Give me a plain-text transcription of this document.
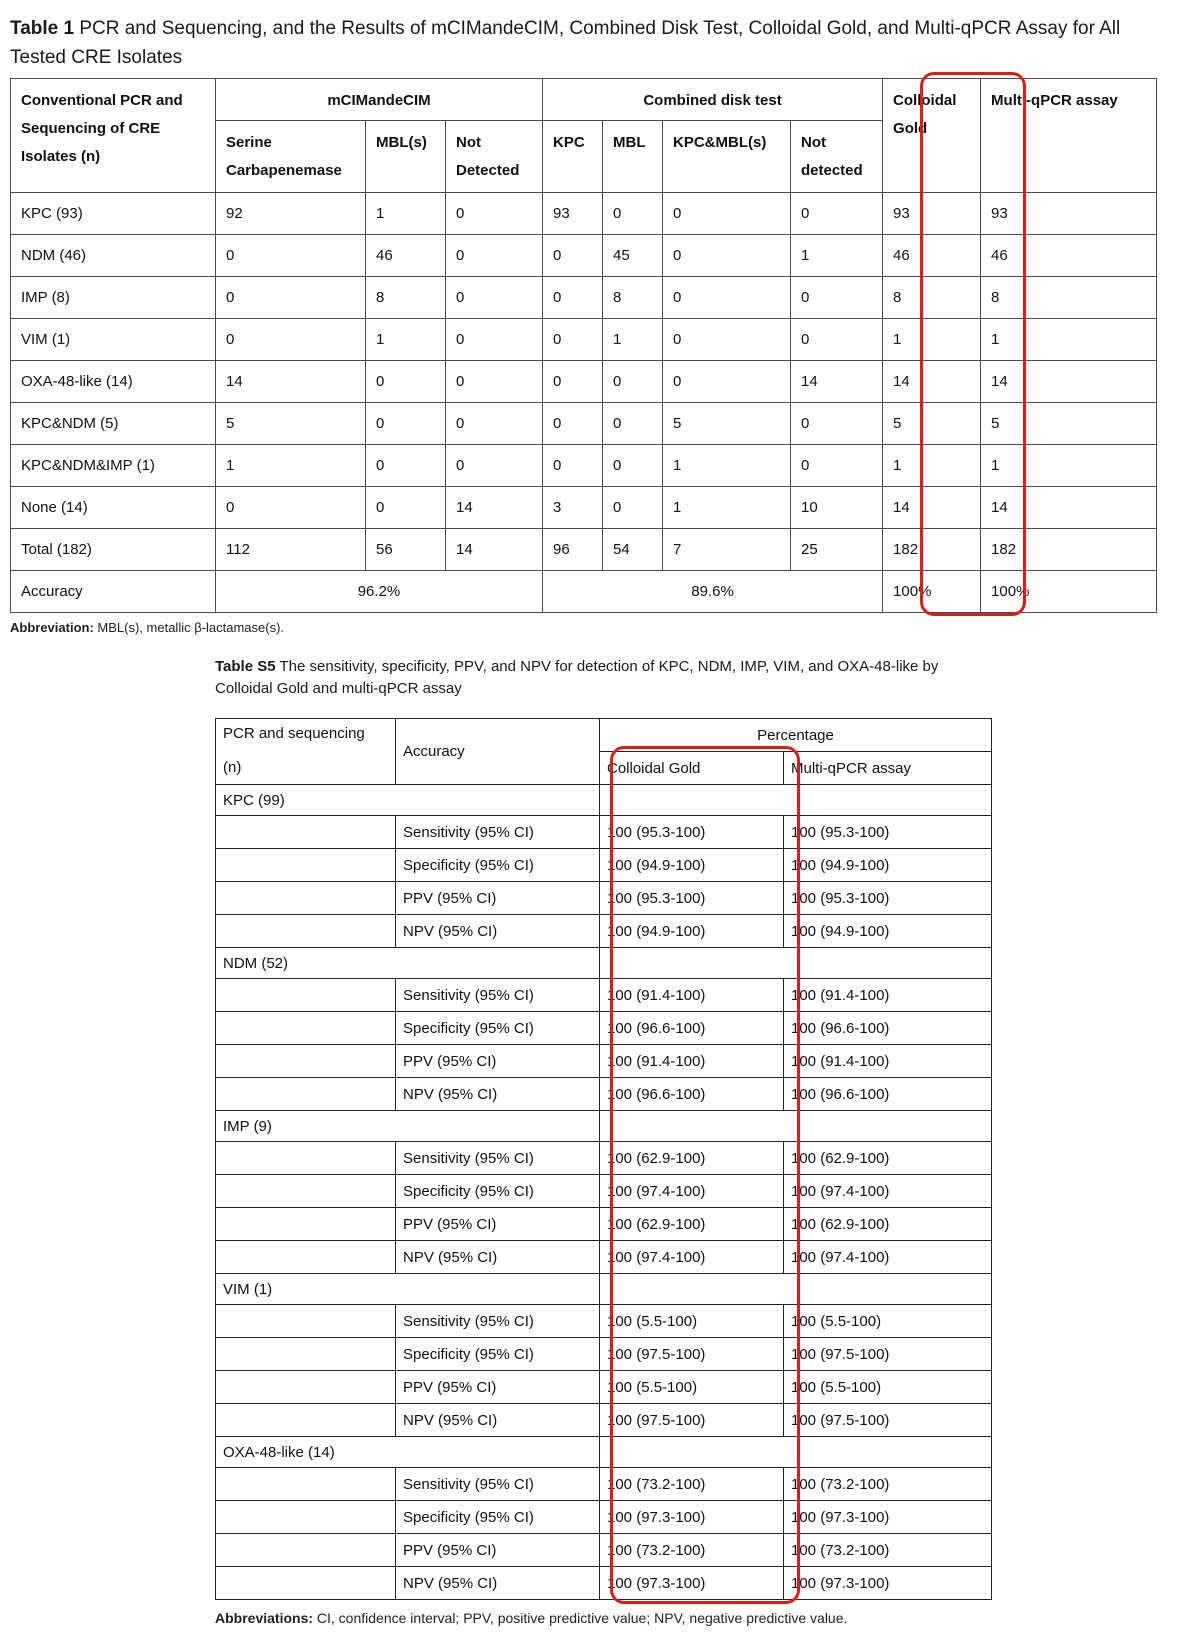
Table 1 PCR and Sequencing, and the Results of mCIMandeCIM, Combined Disk Test, Colloidal Gold, and Multi-qPCR Assay for All Tested CRE Isolates
Conventional PCR and Sequencing of CRE Isolates (n)	mCIMandeCIM			Combined disk test				Colloidal Gold	Multi-qPCR assay
	Serine Carbapenemase	MBL(s)	Not Detected	KPC	MBL	KPC&MBL(s)	Not detected		
KPC (93)	92	1	0	93	0	0	0	93	93
NDM (46)	0	46	0	0	45	0	1	46	46
IMP (8)	0	8	0	0	8	0	0	8	8
VIM (1)	0	1	0	0	1	0	0	1	1
OXA-48-like (14)	14	0	0	0	0	0	14	14	14
KPC&NDM (5)	5	0	0	0	0	5	0	5	5
KPC&NDM&IMP (1)	1	0	0	0	0	1	0	1	1
None (14)	0	0	14	3	0	1	10	14	14
Total (182)	112	56	14	96	54	7	25	182	182
Accuracy	96.2%			89.6%				100%	100%
Abbreviation: MBL(s), metallic β-lactamase(s).
Table S5 The sensitivity, specificity, PPV, and NPV for detection of KPC, NDM, IMP, VIM, and OXA-48-like by Colloidal Gold and multi-qPCR assay
PCR and sequencing	Accuracy	Percentage	
(n)		Colloidal Gold	Multi-qPCR assay
KPC (99)			
	Sensitivity (95% CI)	100 (95.3-100)	100 (95.3-100)
	Specificity (95% CI)	100 (94.9-100)	100 (94.9-100)
	PPV (95% CI)	100 (95.3-100)	100 (95.3-100)
	NPV (95% CI)	100 (94.9-100)	100 (94.9-100)
NDM (52)			
	Sensitivity (95% CI)	100 (91.4-100)	100 (91.4-100)
	Specificity (95% CI)	100 (96.6-100)	100 (96.6-100)
	PPV (95% CI)	100 (91.4-100)	100 (91.4-100)
	NPV (95% CI)	100 (96.6-100)	100 (96.6-100)
IMP (9)			
	Sensitivity (95% CI)	100 (62.9-100)	100 (62.9-100)
	Specificity (95% CI)	100 (97.4-100)	100 (97.4-100)
	PPV (95% CI)	100 (62.9-100)	100 (62.9-100)
	NPV (95% CI)	100 (97.4-100)	100 (97.4-100)
VIM (1)			
	Sensitivity (95% CI)	100 (5.5-100)	100 (5.5-100)
	Specificity (95% CI)	100 (97.5-100)	100 (97.5-100)
	PPV (95% CI)	100 (5.5-100)	100 (5.5-100)
	NPV (95% CI)	100 (97.5-100)	100 (97.5-100)
OXA-48-like (14)			
	Sensitivity (95% CI)	100 (73.2-100)	100 (73.2-100)
	Specificity (95% CI)	100 (97.3-100)	100 (97.3-100)
	PPV (95% CI)	100 (73.2-100)	100 (73.2-100)
	NPV (95% CI)	100 (97.3-100)	100 (97.3-100)
Abbreviations: CI, confidence interval; PPV, positive predictive value; NPV, negative predictive value.
